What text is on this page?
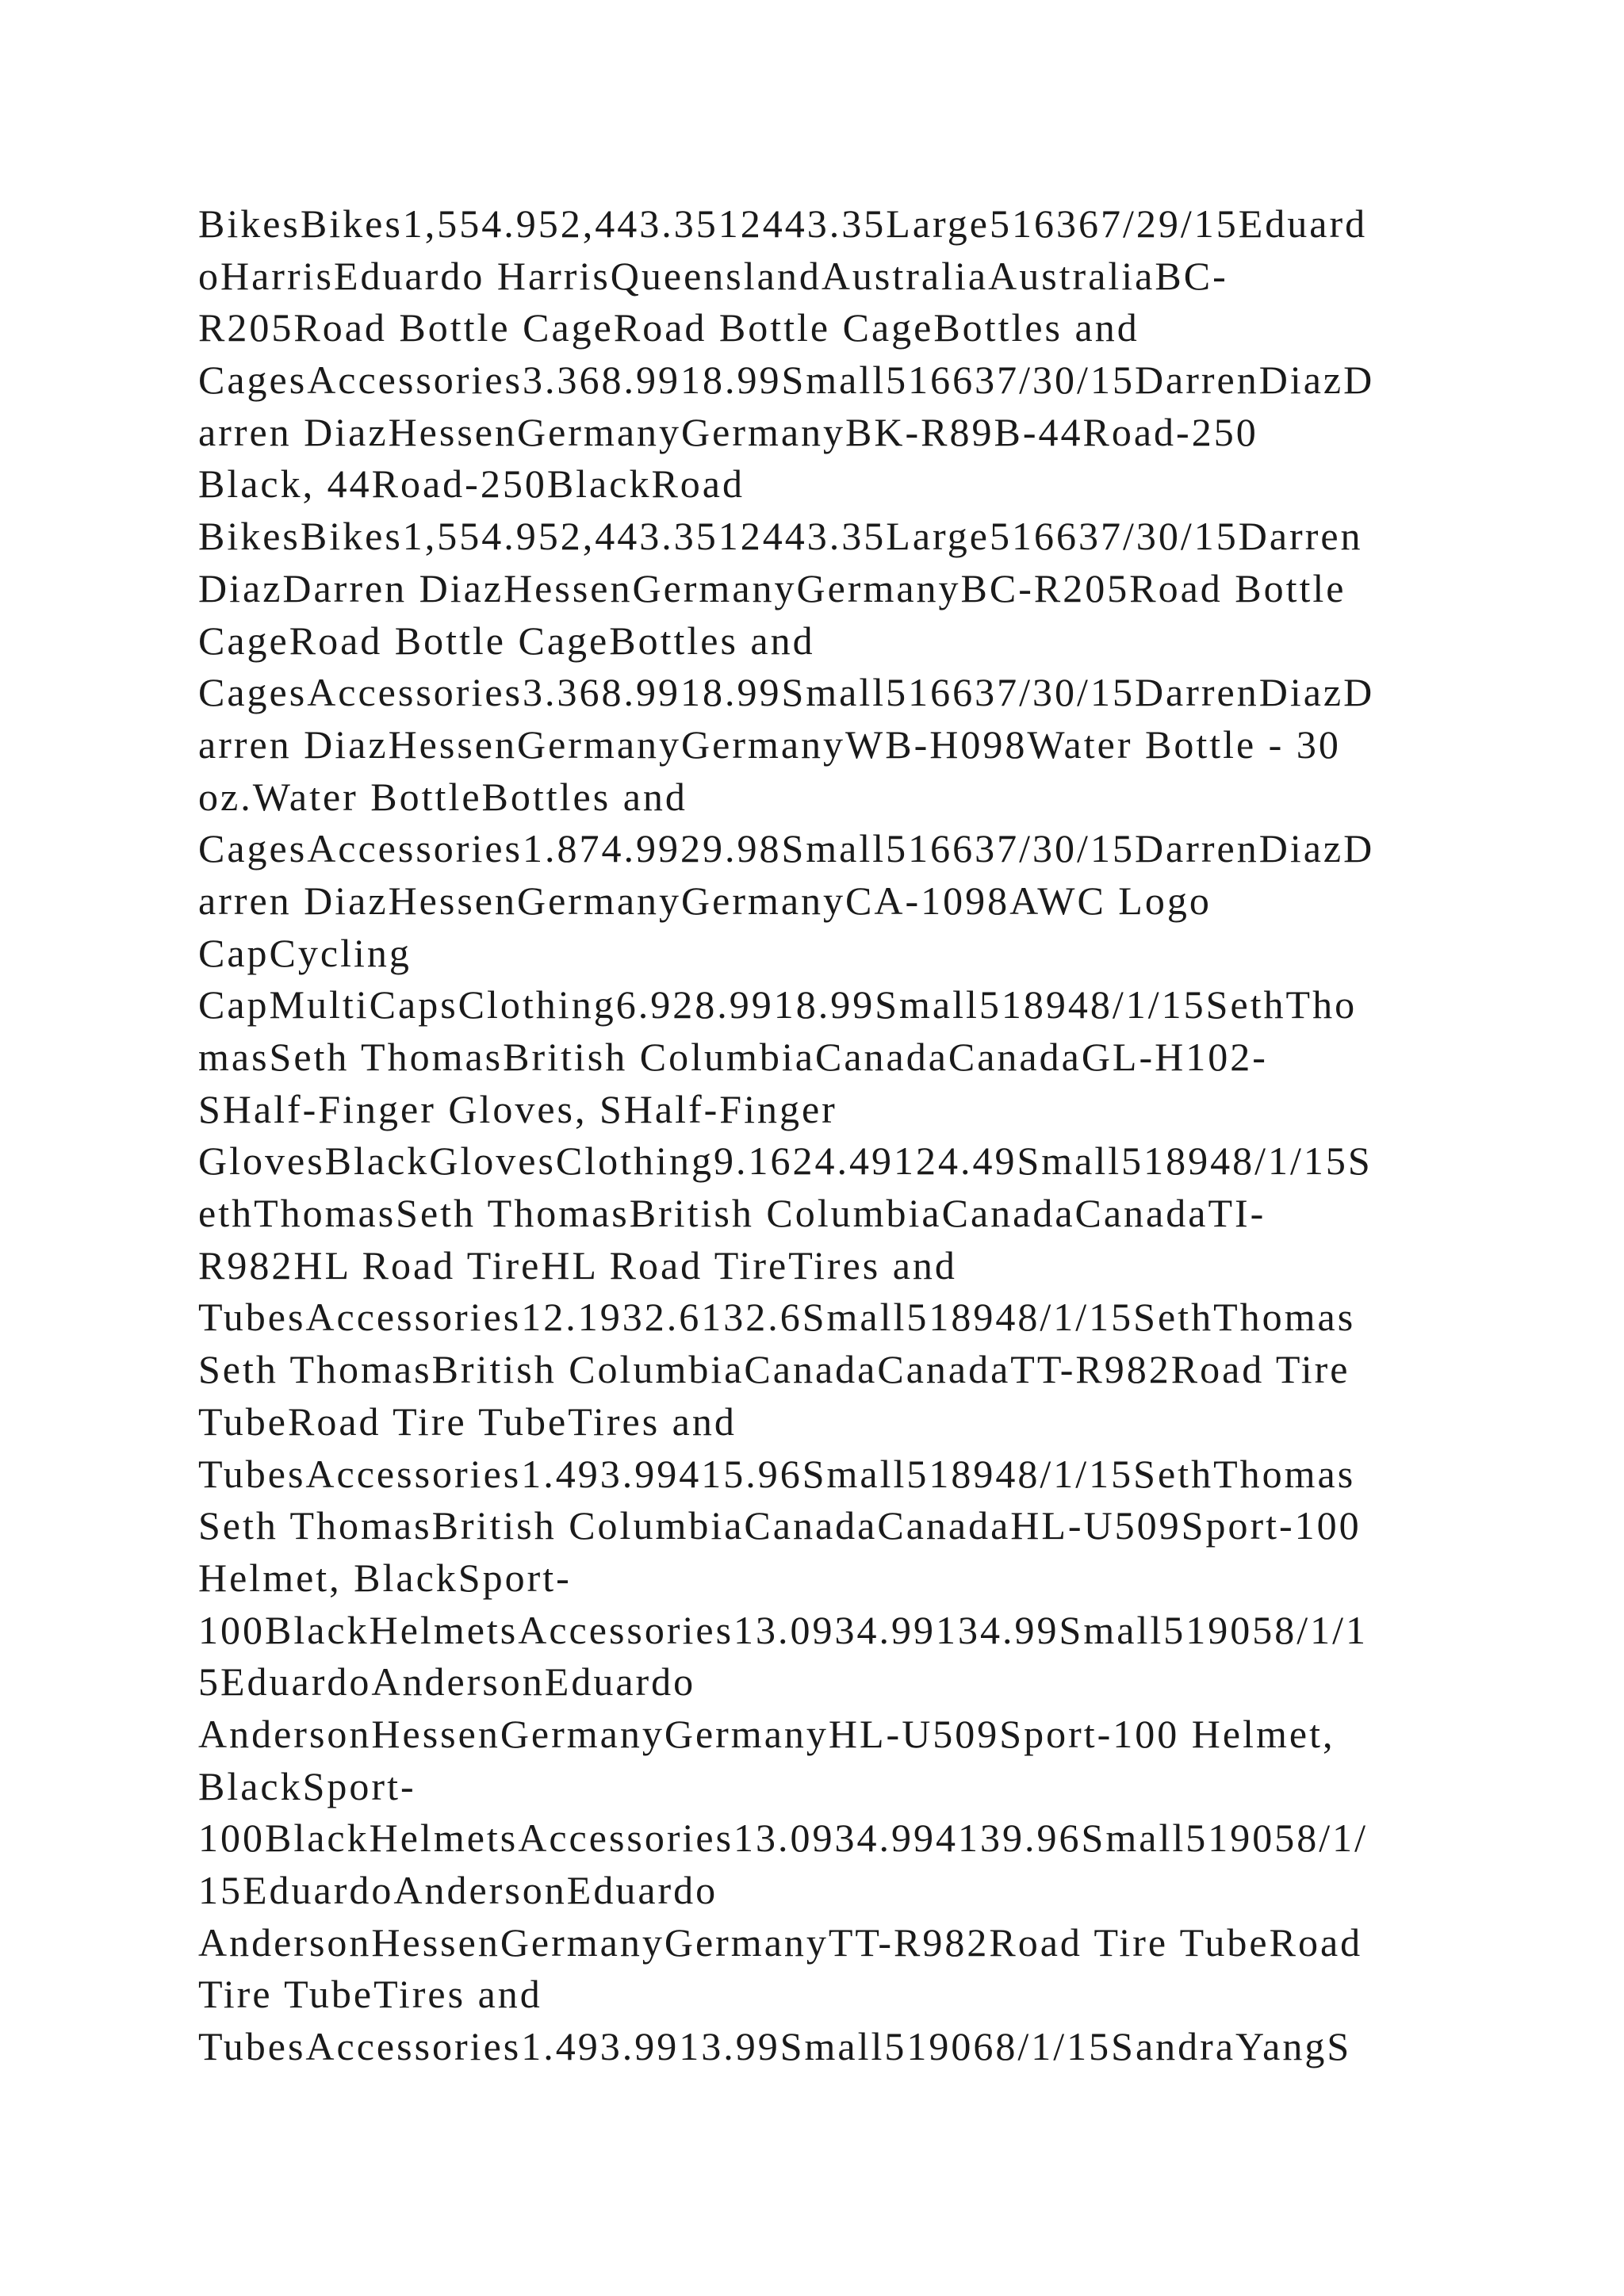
BikesBikes1,554.952,443.3512443.35Large516367/29/15Eduard
oHarrisEduardo HarrisQueenslandAustraliaAustraliaBC-
R205Road Bottle CageRoad Bottle CageBottles and
CagesAccessories3.368.9918.99Small516637/30/15DarrenDiazD
arren DiazHessenGermanyGermanyBK-R89B-44Road-250
Black, 44Road-250BlackRoad
BikesBikes1,554.952,443.3512443.35Large516637/30/15Darren
DiazDarren DiazHessenGermanyGermanyBC-R205Road Bottle
CageRoad Bottle CageBottles and
CagesAccessories3.368.9918.99Small516637/30/15DarrenDiazD
arren DiazHessenGermanyGermanyWB-H098Water Bottle - 30
oz.Water BottleBottles and
CagesAccessories1.874.9929.98Small516637/30/15DarrenDiazD
arren DiazHessenGermanyGermanyCA-1098AWC Logo
CapCycling
CapMultiCapsClothing6.928.9918.99Small518948/1/15SethTho
masSeth ThomasBritish ColumbiaCanadaCanadaGL-H102-
SHalf-Finger Gloves, SHalf-Finger
GlovesBlackGlovesClothing9.1624.49124.49Small518948/1/15S
ethThomasSeth ThomasBritish ColumbiaCanadaCanadaTI-
R982HL Road TireHL Road TireTires and
TubesAccessories12.1932.6132.6Small518948/1/15SethThomas
Seth ThomasBritish ColumbiaCanadaCanadaTT-R982Road Tire
TubeRoad Tire TubeTires and
TubesAccessories1.493.99415.96Small518948/1/15SethThomas
Seth ThomasBritish ColumbiaCanadaCanadaHL-U509Sport-100
Helmet, BlackSport-
100BlackHelmetsAccessories13.0934.99134.99Small519058/1/1
5EduardoAndersonEduardo
AndersonHessenGermanyGermanyHL-U509Sport-100 Helmet,
BlackSport-
100BlackHelmetsAccessories13.0934.994139.96Small519058/1/
15EduardoAndersonEduardo
AndersonHessenGermanyGermanyTT-R982Road Tire TubeRoad
Tire TubeTires and
TubesAccessories1.493.9913.99Small519068/1/15SandraYangS
